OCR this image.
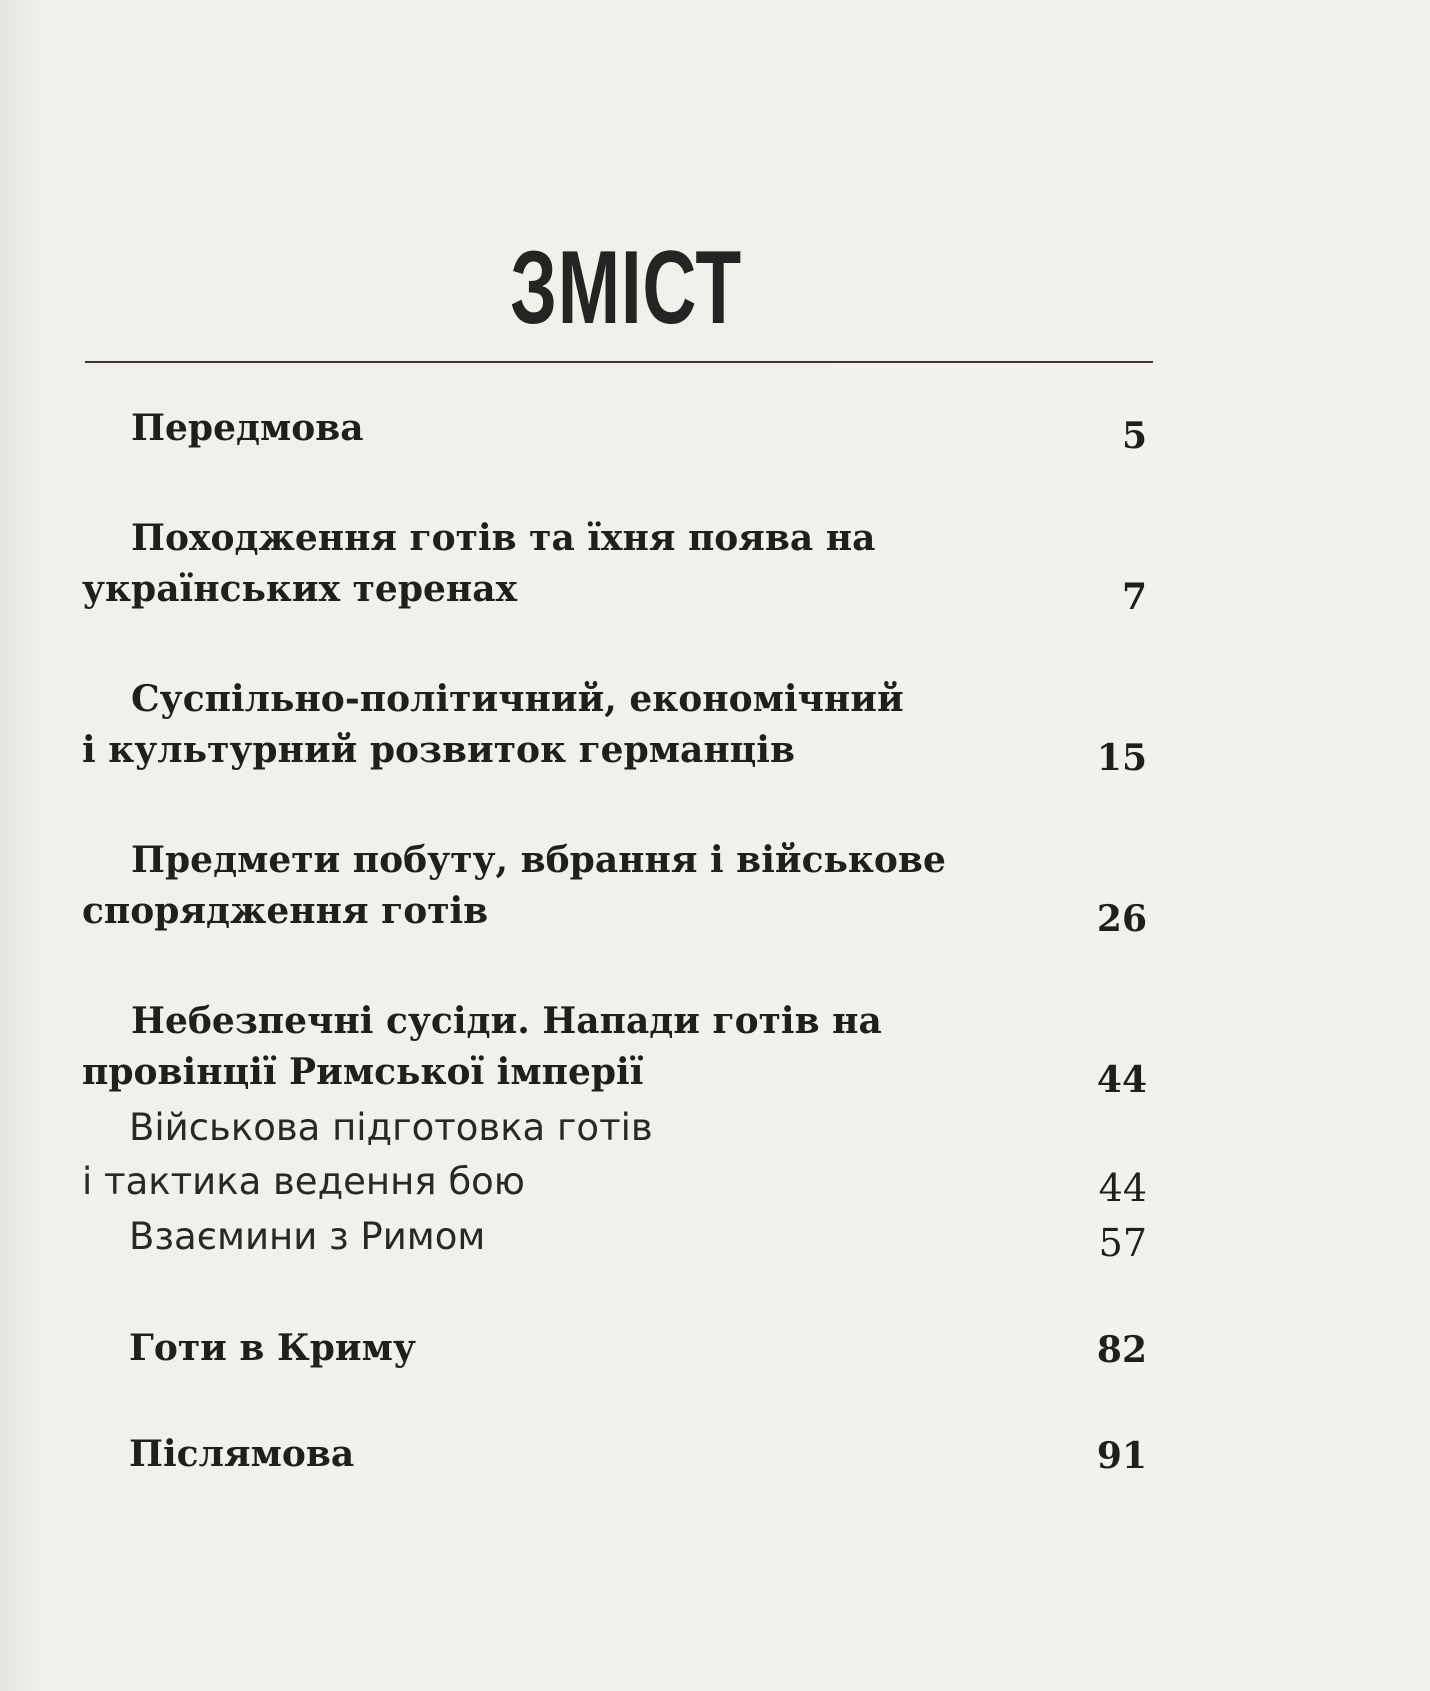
ЗМІСТ
Передмова	5
Походження готів та їхня поява на
українських теренах	7
Суспільно-політичний, економічний
і культурний розвиток германців	15
Предмети побуту, вбрання і військове
спорядження готів	26
Небезпечні сусіди. Напади готів на
провінції Римської імперії	44
Військова підготовка готів
і тактика ведення бою	44
Взаємини з Римом	57
Готи в Криму	82
Післямова	91
